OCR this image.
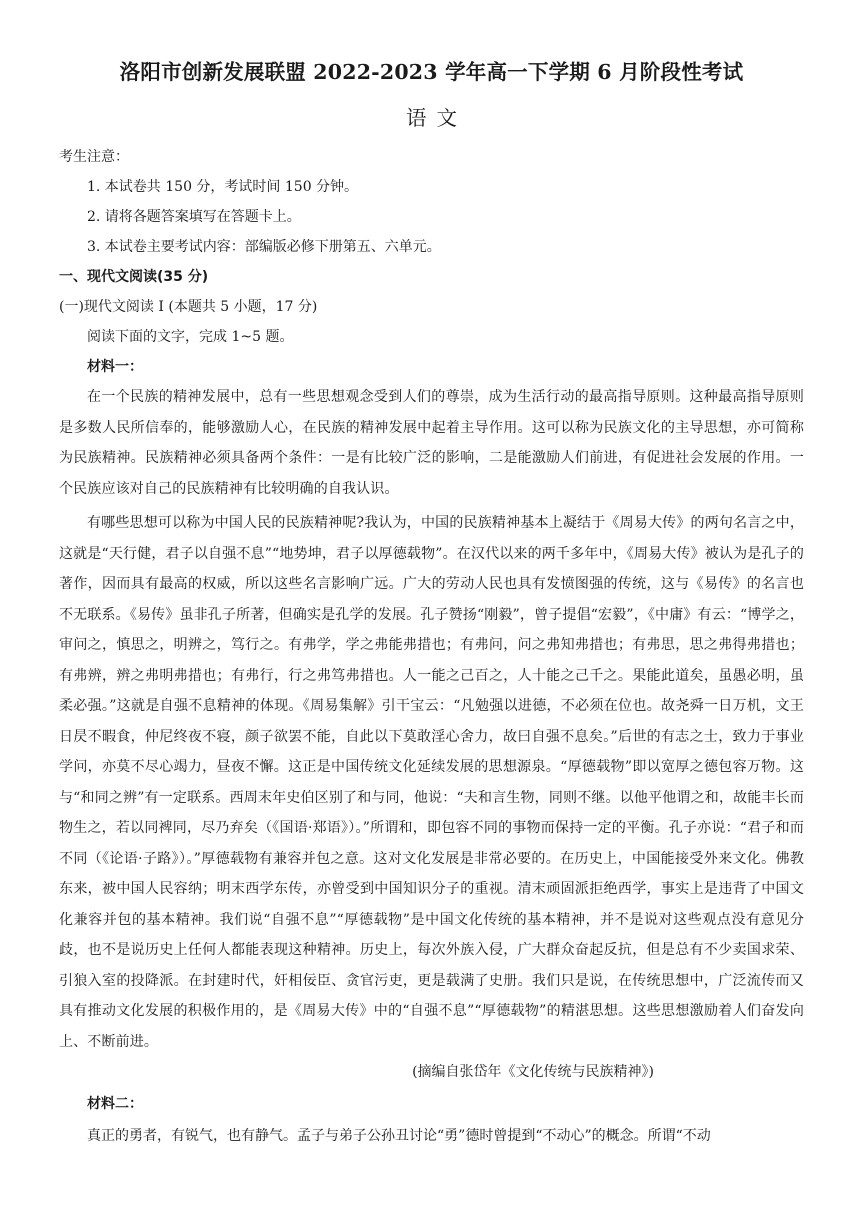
洛阳市创新发展联盟 2022-2023 学年高一下学期 6 月阶段性考试
语文
考生注意：
1. 本试卷共 150 分，考试时间 150 分钟。
2. 请将各题答案填写在答题卡上。
3. 本试卷主要考试内容：部编版必修下册第五、六单元。
一、现代文阅读(35 分)
(一)现代文阅读 I (本题共 5 小题，17 分)
阅读下面的文字，完成 1~5 题。
材料一：

在一个民族的精神发展中，总有一些思想观念受到人们的尊崇，成为生活行动的最高指导原则。这种最高指导原则是多数人民所信奉的，能够激励人心，在民族的精神发展中起着主导作用。这可以称为民族文化的主导思想，亦可简称为民族精神。民族精神必须具备两个条件：一是有比较广泛的影响，二是能激励人们前进，有促进社会发展的作用。一个民族应该对自己的民族精神有比较明确的自我认识。

有哪些思想可以称为中国人民的民族精神呢?我认为，中国的民族精神基本上凝结于《周易大传》的两句名言之中，这就是“天行健，君子以自强不息”“地势坤，君子以厚德载物”。在汉代以来的两千多年中，《周易大传》被认为是孔子的著作，因而具有最高的权威，所以这些名言影响广远。广大的劳动人民也具有发愤图强的传统，这与《易传》的名言也不无联系。《易传》虽非孔子所著，但确实是孔学的发展。孔子赞扬“刚毅”，曾子提倡“宏毅”，《中庸》有云：“博学之，审问之，慎思之，明辨之，笃行之。有弗学，学之弗能弗措也；有弗问，问之弗知弗措也；有弗思，思之弗得弗措也；有弗辨，辨之弗明弗措也；有弗行，行之弗笃弗措也。人一能之己百之，人十能之己千之。果能此道矣，虽愚必明，虽柔必强。”这就是自强不息精神的体现。《周易集解》引干宝云：“凡勉强以进德，不必须在位也。故尧舜一日万机，文王日昃不暇食，仲尼终夜不寝，颜子欲罢不能，自此以下莫敢淫心舍力，故曰自强不息矣。”后世的有志之士，致力于事业学问，亦莫不尽心竭力，昼夜不懈。这正是中国传统文化延续发展的思想源泉。“厚德载物”即以宽厚之德包容万物。这与“和同之辨”有一定联系。西周末年史伯区别了和与同，他说：“夫和言生物，同则不继。以他平他谓之和，故能丰长而物生之，若以同裨同，尽乃弃矣（《国语·郑语》）。”所谓和，即包容不同的事物而保持一定的平衡。孔子亦说：“君子和而不同（《论语·子路》）。”厚德载物有兼容并包之意。这对文化发展是非常必要的。在历史上，中国能接受外来文化。佛教东来，被中国人民容纳；明末西学东传，亦曾受到中国知识分子的重视。清末顽固派拒绝西学，事实上是违背了中国文化兼容并包的基本精神。我们说“自强不息”“厚德载物”是中国文化传统的基本精神，并不是说对这些观点没有意见分歧，也不是说历史上任何人都能表现这种精神。历史上，每次外族入侵，广大群众奋起反抗，但是总有不少卖国求荣、引狼入室的投降派。在封建时代，奸相佞臣、贪官污吏，更是载满了史册。我们只是说，在传统思想中，广泛流传而又具有推动文化发展的积极作用的，是《周易大传》中的“自强不息”“厚德载物”的精湛思想。这些思想激励着人们奋发向上、不断前进。

(摘编自张岱年《文化传统与民族精神》)
材料二：

真正的勇者，有锐气，也有静气。孟子与弟子公孙丑讨论“勇”德时曾提到“不动心”的概念。所谓“不动
